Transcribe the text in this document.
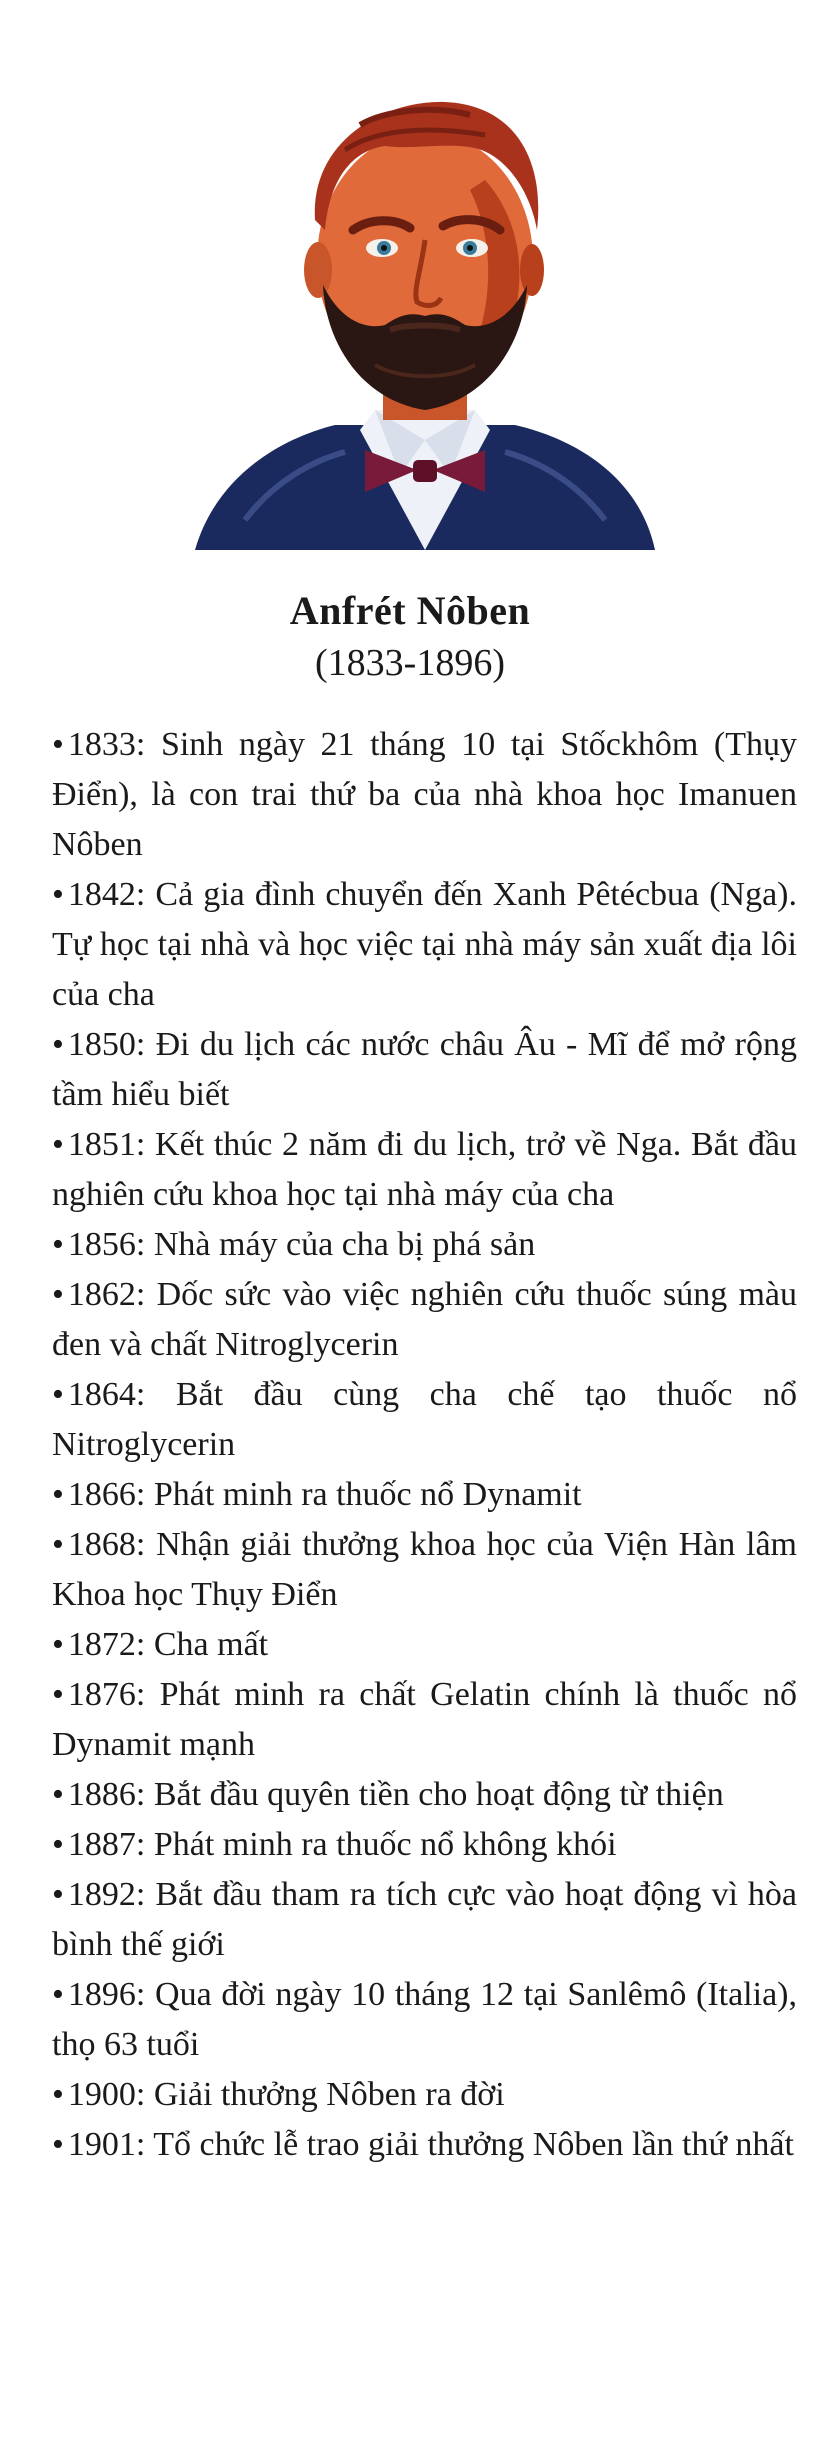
Anfrét Nôben
(1833-1896)
• 1833: Sinh ngày 21 tháng 10 tại Stốckhôm (Thụy Điển), là con trai thứ ba của nhà khoa học Imanuen Nôben
• 1842: Cả gia đình chuyển đến Xanh Pêtécbua (Nga). Tự học tại nhà và học việc tại nhà máy sản xuất địa lôi của cha
• 1850: Đi du lịch các nước châu Âu - Mĩ để mở rộng tầm hiểu biết
• 1851: Kết thúc 2 năm đi du lịch, trở về Nga. Bắt đầu nghiên cứu khoa học tại nhà máy của cha
• 1856: Nhà máy của cha bị phá sản
• 1862: Dốc sức vào việc nghiên cứu thuốc súng màu đen và chất Nitroglycerin
• 1864: Bắt đầu cùng cha chế tạo thuốc nổ Nitroglycerin
• 1866: Phát minh ra thuốc nổ Dynamit
• 1868: Nhận giải thưởng khoa học của Viện Hàn lâm Khoa học Thụy Điển
• 1872: Cha mất
• 1876: Phát minh ra chất Gelatin chính là thuốc nổ Dynamit mạnh
• 1886: Bắt đầu quyên tiền cho hoạt động từ thiện
• 1887: Phát minh ra thuốc nổ không khói
• 1892: Bắt đầu tham ra tích cực vào hoạt động vì hòa bình thế giới
• 1896: Qua đời ngày 10 tháng 12 tại Sanlêmô (Italia), thọ 63 tuổi
• 1900: Giải thưởng Nôben ra đời
• 1901: Tổ chức lễ trao giải thưởng Nôben lần thứ nhất
